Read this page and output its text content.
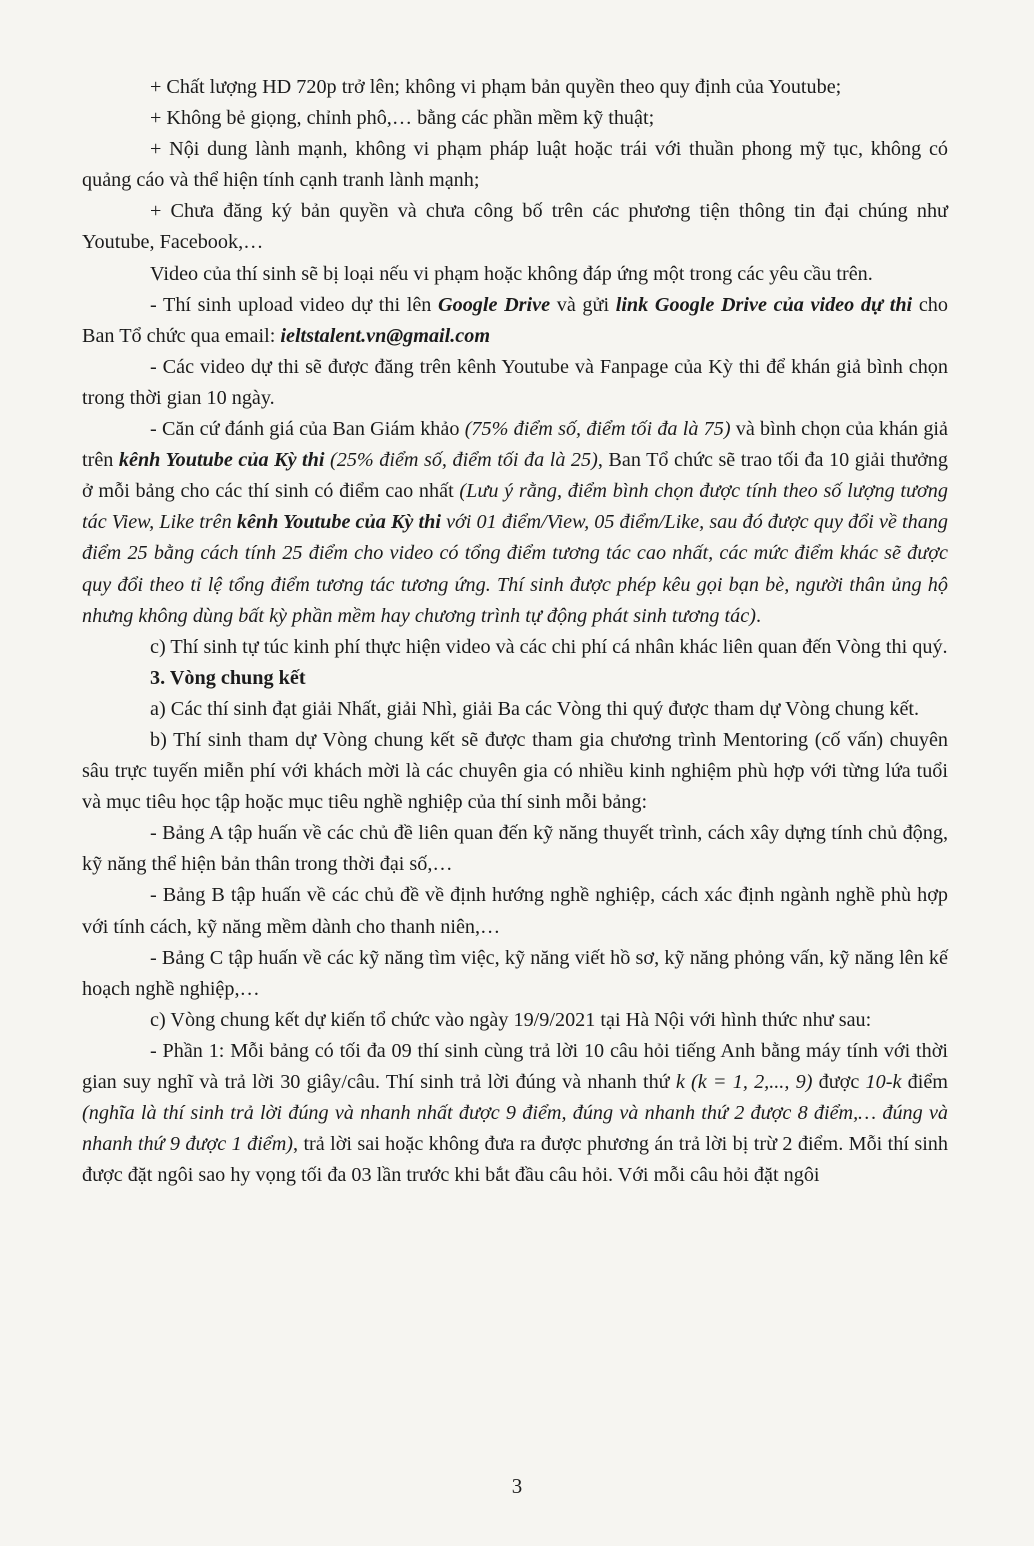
+ Chất lượng HD 720p trở lên; không vi phạm bản quyền theo quy định của Youtube;

+ Không bẻ giọng, chỉnh phô,… bằng các phần mềm kỹ thuật;

+ Nội dung lành mạnh, không vi phạm pháp luật hoặc trái với thuần phong mỹ tục, không có quảng cáo và thể hiện tính cạnh tranh lành mạnh;

+ Chưa đăng ký bản quyền và chưa công bố trên các phương tiện thông tin đại chúng như Youtube, Facebook,…

Video của thí sinh sẽ bị loại nếu vi phạm hoặc không đáp ứng một trong các yêu cầu trên.

- Thí sinh upload video dự thi lên Google Drive và gửi link Google Drive của video dự thi cho Ban Tổ chức qua email: ieltstalent.vn@gmail.com

- Các video dự thi sẽ được đăng trên kênh Youtube và Fanpage của Kỳ thi để khán giả bình chọn trong thời gian 10 ngày.

- Căn cứ đánh giá của Ban Giám khảo (75% điểm số, điểm tối đa là 75) và bình chọn của khán giả trên kênh Youtube của Kỳ thi (25% điểm số, điểm tối đa là 25), Ban Tổ chức sẽ trao tối đa 10 giải thưởng ở mỗi bảng cho các thí sinh có điểm cao nhất (Lưu ý rằng, điểm bình chọn được tính theo số lượng tương tác View, Like trên kênh Youtube của Kỳ thi với 01 điểm/View, 05 điểm/Like, sau đó được quy đổi về thang điểm 25 bằng cách tính 25 điểm cho video có tổng điểm tương tác cao nhất, các mức điểm khác sẽ được quy đổi theo tỉ lệ tổng điểm tương tác tương ứng. Thí sinh được phép kêu gọi bạn bè, người thân ủng hộ nhưng không dùng bất kỳ phần mềm hay chương trình tự động phát sinh tương tác).

c) Thí sinh tự túc kinh phí thực hiện video và các chi phí cá nhân khác liên quan đến Vòng thi quý.

3. Vòng chung kết

a) Các thí sinh đạt giải Nhất, giải Nhì, giải Ba các Vòng thi quý được tham dự Vòng chung kết.

b) Thí sinh tham dự Vòng chung kết sẽ được tham gia chương trình Mentoring (cố vấn) chuyên sâu trực tuyến miễn phí với khách mời là các chuyên gia có nhiều kinh nghiệm phù hợp với từng lứa tuổi và mục tiêu học tập hoặc mục tiêu nghề nghiệp của thí sinh mỗi bảng:

- Bảng A tập huấn về các chủ đề liên quan đến kỹ năng thuyết trình, cách xây dựng tính chủ động, kỹ năng thể hiện bản thân trong thời đại số,…

- Bảng B tập huấn về các chủ đề về định hướng nghề nghiệp, cách xác định ngành nghề phù hợp với tính cách, kỹ năng mềm dành cho thanh niên,…

- Bảng C tập huấn về các kỹ năng tìm việc, kỹ năng viết hồ sơ, kỹ năng phỏng vấn, kỹ năng lên kế hoạch nghề nghiệp,…

c) Vòng chung kết dự kiến tổ chức vào ngày 19/9/2021 tại Hà Nội với hình thức như sau:

- Phần 1: Mỗi bảng có tối đa 09 thí sinh cùng trả lời 10 câu hỏi tiếng Anh bằng máy tính với thời gian suy nghĩ và trả lời 30 giây/câu. Thí sinh trả lời đúng và nhanh thứ k (k = 1, 2,..., 9) được 10-k điểm (nghĩa là thí sinh trả lời đúng và nhanh nhất được 9 điểm, đúng và nhanh thứ 2 được 8 điểm,… đúng và nhanh thứ 9 được 1 điểm), trả lời sai hoặc không đưa ra được phương án trả lời bị trừ 2 điểm. Mỗi thí sinh được đặt ngôi sao hy vọng tối đa 03 lần trước khi bắt đầu câu hỏi. Với mỗi câu hỏi đặt ngôi

3
